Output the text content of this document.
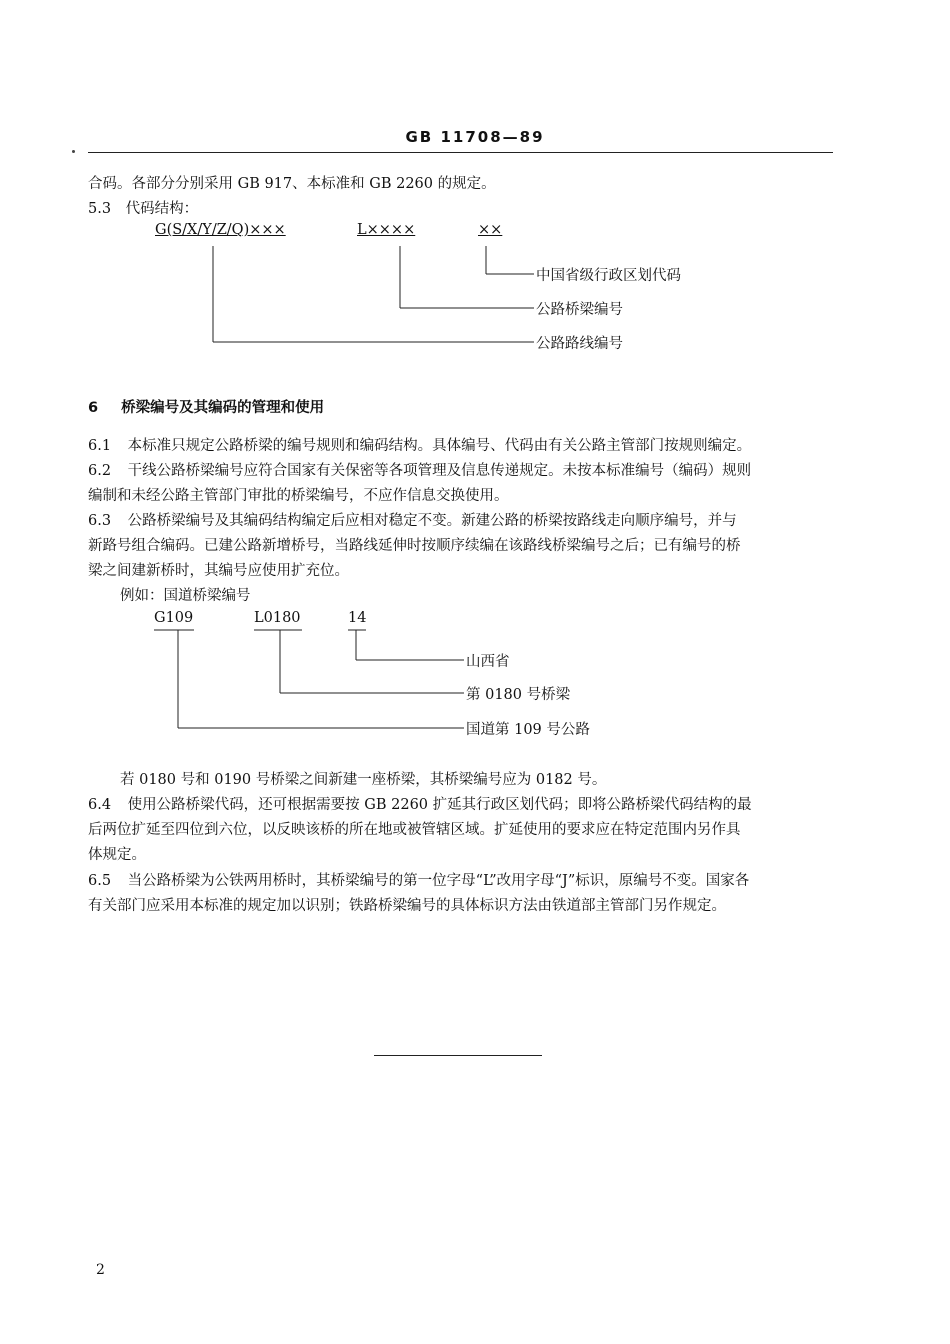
GB 11708—89
合码。各部分分别采用 GB 917、本标准和 GB 2260 的规定。
5.3 代码结构：
G(S/X/Y/Z/Q)×××	L××××	××
中国省级行政区划代码
公路桥梁编号
公路路线编号
6 桥梁编号及其编码的管理和使用
6.1 本标准只规定公路桥梁的编号规则和编码结构。具体编号、代码由有关公路主管部门按规则编定。
6.2 干线公路桥梁编号应符合国家有关保密等各项管理及信息传递规定。未按本标准编号（编码）规则
编制和未经公路主管部门审批的桥梁编号，不应作信息交换使用。
6.3 公路桥梁编号及其编码结构编定后应相对稳定不变。新建公路的桥梁按路线走向顺序编号，并与
新路号组合编码。已建公路新增桥号，当路线延伸时按顺序续编在该路线桥梁编号之后；已有编号的桥
梁之间建新桥时，其编号应使用扩充位。
例如：国道桥梁编号
G109	L0180	14
山西省
第 0180 号桥梁
国道第 109 号公路
若 0180 号和 0190 号桥梁之间新建一座桥梁，其桥梁编号应为 0182 号。
6.4 使用公路桥梁代码，还可根据需要按 GB 2260 扩延其行政区划代码；即将公路桥梁代码结构的最
后两位扩延至四位到六位，以反映该桥的所在地或被管辖区域。扩延使用的要求应在特定范围内另作具
体规定。
6.5 当公路桥梁为公铁两用桥时，其桥梁编号的第一位字母“L”改用字母“J”标识，原编号不变。国家各
有关部门应采用本标准的规定加以识别；铁路桥梁编号的具体标识方法由铁道部主管部门另作规定。
2
